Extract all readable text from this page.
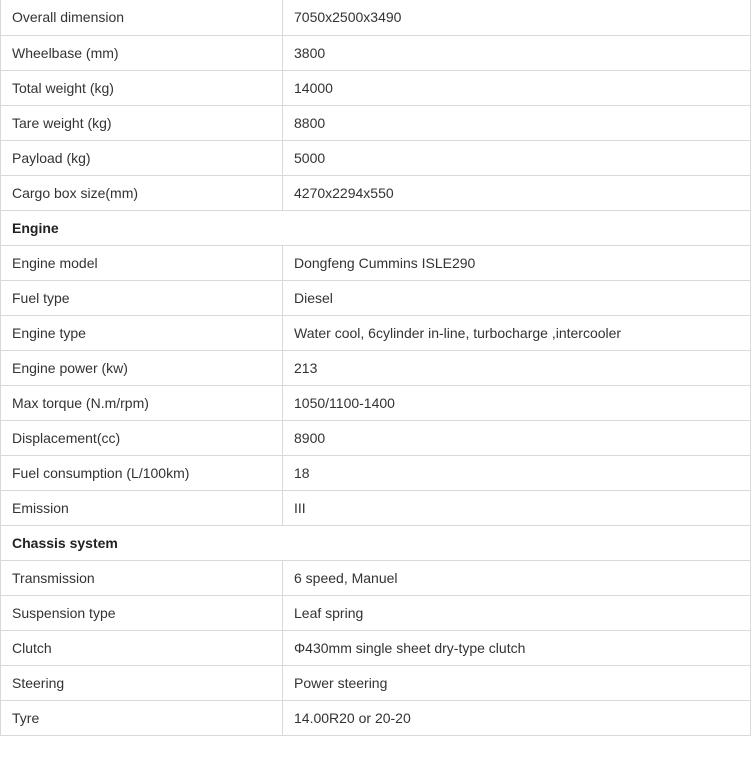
Overall dimension	7050x2500x3490
Wheelbase (mm)	3800
Total weight (kg)	14000
Tare weight (kg)	8800
Payload (kg)	5000
Cargo box size(mm)	4270x2294x550
Engine	
Engine model	Dongfeng Cummins ISLE290
Fuel type	Diesel
Engine type	Water cool, 6cylinder in-line, turbocharge ,intercooler
Engine power (kw)	213
Max torque (N.m/rpm)	1050/1100-1400
Displacement(cc)	8900
Fuel consumption (L/100km)	18
Emission	III
Chassis system	
Transmission	6 speed, Manuel
Suspension type	Leaf spring
Clutch	Φ430mm single sheet dry-type clutch
Steering	Power steering
Tyre	14.00R20 or 20-20
